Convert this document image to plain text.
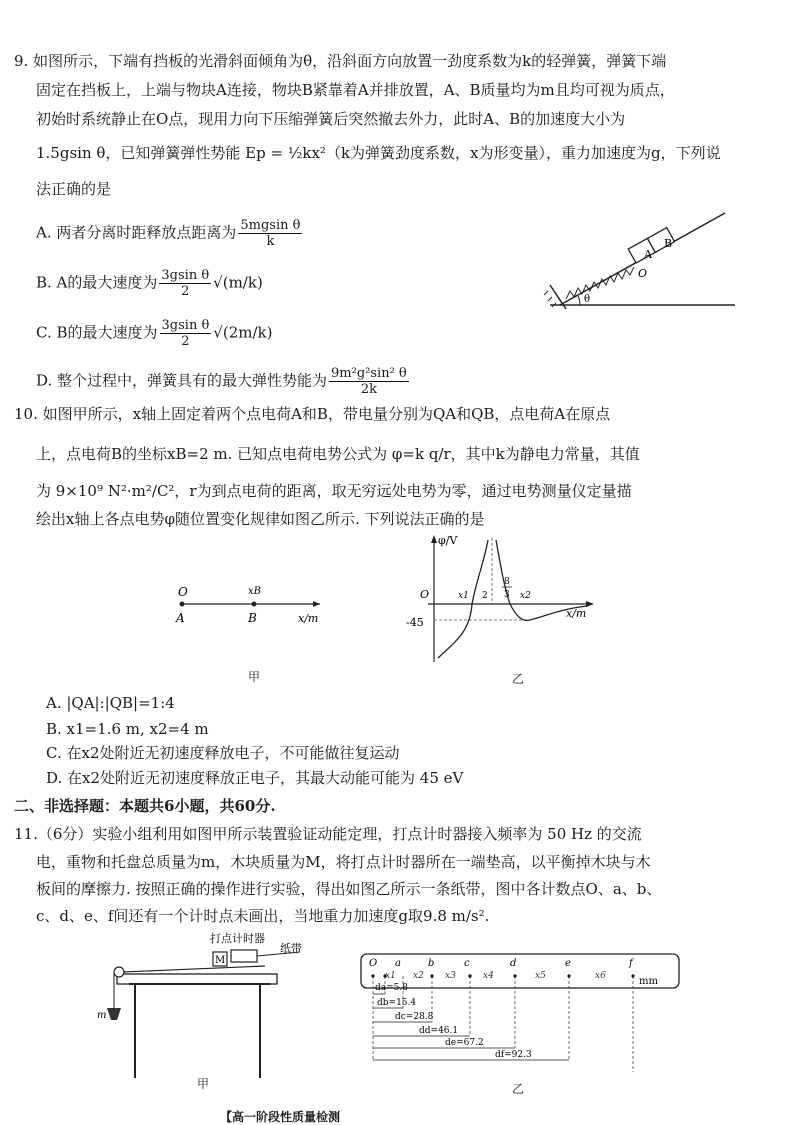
9. 如图所示，下端有挡板的光滑斜面倾角为θ，沿斜面方向放置一劲度系数为k的轻弹簧，弹簧下端
固定在挡板上，上端与物块A连接，物块B紧靠着A并排放置，A、B质量均为m且均可视为质点，
初始时系统静止在O点，现用力向下压缩弹簧后突然撤去外力，此时A、B的加速度大小为
1.5gsin θ，已知弹簧弹性势能 Ep = ½kx²（k为弹簧劲度系数，x为形变量），重力加速度为g，下列说
法正确的是
A. 两者分离时距释放点距离为 $\frac{\text{5mgsin θ}}{k}$
B. A的最大速度为 $\frac{\text{3gsin θ}}{2} √(m/k)$
C. B的最大速度为 $\frac{\text{3gsin θ}}{2} √(2m/k)$
D. 整个过程中，弹簧具有的最大弹性势能为 $\frac{\text{9m²g²sin² θ}}{2k}$
A
B
O
θ
10. 如图甲所示，x轴上固定着两个点电荷A和B，带电量分别为QA和QB，点电荷A在原点
上，点电荷B的坐标xB=2 m. 已知点电荷电势公式为 φ=k q/r，其中k为静电力常量，其值
为 9×10⁹ N²·m²/C²，r为到点电荷的距离，取无穷远处电势为零，通过电势测量仪定量描
绘出x轴上各点电势φ随位置变化规律如图乙所示. 下列说法正确的是
O	xB
A	B	x/m
甲
φ/V
x/m
O
-45
x1 2
8
3 x2
乙
A. |QA|:|QB|=1:4
B. x1=1.6 m, x2=4 m
C. 在x2处附近无初速度释放电子，不可能做往复运动
D. 在x2处附近无初速度释放正电子，其最大动能可能为 45 eV
二、非选择题：本题共6小题，共60分.
11.（6分）实验小组利用如图甲所示装置验证动能定理，打点计时器接入频率为 50 Hz 的交流
电，重物和托盘总质量为m，木块质量为M，将打点计时器所在一端垫高，以平衡掉木块与木
板间的摩擦力. 按照正确的操作进行实验，得出如图乙所示一条纸带，图中各计数点O、a、b、
c、d、e、f间还有一个计时点未画出，当地重力加速度g取9.8 m/s².
打点计时器
纸带
M
m
甲
O a	b	c	d	e	f
mm
x1 x2 x3	x4	x5	x6
da=5.8
db=15.4
dc=28.8
dd=46.1
de=67.2
df=92.3
乙
【高一阶段性质量检测
